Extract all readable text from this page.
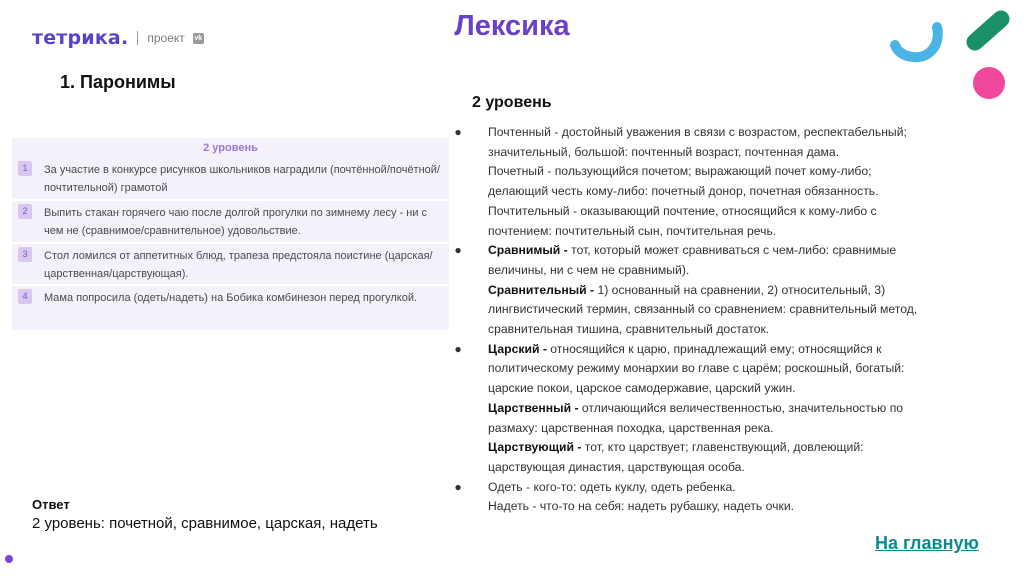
тетрика. проект vk	Лексика
1. Паронимы
2 уровень
2 уровень
1	За участие в конкурсе рисунков школьников наградили (почтённой/почётной/почтительной) грамотой
2	Выпить стакан горячего чаю после долгой прогулки по зимнему лесу - ни с чем не (сравнимое/сравнительное) удовольствие.
3	Стол ломился от аппетитных блюд, трапеза предстояла поистине (царская/царственная/царствующая).
4	Мама попросила (одеть/надеть) на Бобика комбинезон перед прогулкой.
● Почтенный - достойный уважения в связи с возрастом, респектабельный;
значительный, большой: почтенный возраст, почтенная дама.
Почетный - пользующийся почетом; выражающий почет кому-либо;
делающий честь кому-либо: почетный донор, почетная обязанность.
Почтительный - оказывающий почтение, относящийся к кому-либо с
почтением: почтительный сын, почтительная речь.
● Сравнимый - тот, который может сравниваться с чем-либо: сравнимые
величины, ни с чем не сравнимый).
Сравнительный - 1) основанный на сравнении, 2) относительный, 3)
лингвистический термин, связанный со сравнением: сравнительный метод,
сравнительная тишина, сравнительный достаток.
● Царский - относящийся к царю, принадлежащий ему; относящийся к
политическому режиму монархии во главе с царём; роскошный, богатый:
царские покои, царское самодержавие, царский ужин.
Царственный - отличающийся величественностью, значительностью по
размаху: царственная походка, царственная река.
Царствующий - тот, кто царствует; главенствующий, довлеющий:
царствующая династия, царствующая особа.
● Одеть - кого-то: одеть куклу, одеть ребенка.
Надеть - что-то на себя: надеть рубашку, надеть очки.
Ответ
2 уровень: почетной, сравнимое, царская, надеть
На главную
